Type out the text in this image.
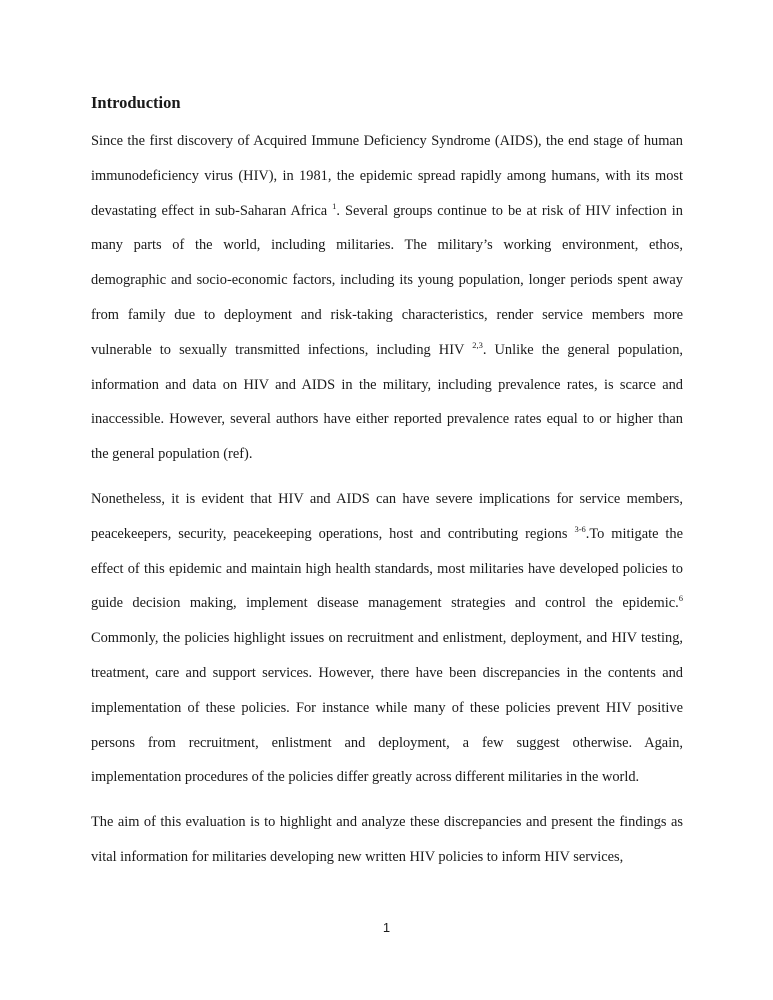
Introduction

Since the first discovery of Acquired Immune Deficiency Syndrome (AIDS), the end stage of human immunodeficiency virus (HIV), in 1981, the epidemic spread rapidly among humans, with its most devastating effect in sub-Saharan Africa $^1$. Several groups continue to be at risk of HIV infection in many parts of the world, including militaries. The military’s working environment, ethos, demographic and socio-economic factors, including its young population, longer periods spent away from family due to deployment and risk-taking characteristics, render service members more vulnerable to sexually transmitted infections, including HIV $^{2,3}$. Unlike the general population, information and data on HIV and AIDS in the military, including prevalence rates, is scarce and inaccessible. However, several authors have either reported prevalence rates equal to or higher than the general population (ref).

Nonetheless, it is evident that HIV and AIDS can have severe implications for service members, peacekeepers, security, peacekeeping operations, host and contributing regions $^{3-6}$.To mitigate the effect of this epidemic and maintain high health standards, most militaries have developed policies to guide decision making, implement disease management strategies and control the epidemic.$^6$ Commonly, the policies highlight issues on recruitment and enlistment, deployment, and HIV testing, treatment, care and support services. However, there have been discrepancies in the contents and implementation of these policies. For instance while many of these policies prevent HIV positive persons from recruitment, enlistment and deployment, a few suggest otherwise. Again, implementation procedures of the policies differ greatly across different militaries in the world.

The aim of this evaluation is to highlight and analyze these discrepancies and present the findings as vital information for militaries developing new written HIV policies to inform HIV services,

1
